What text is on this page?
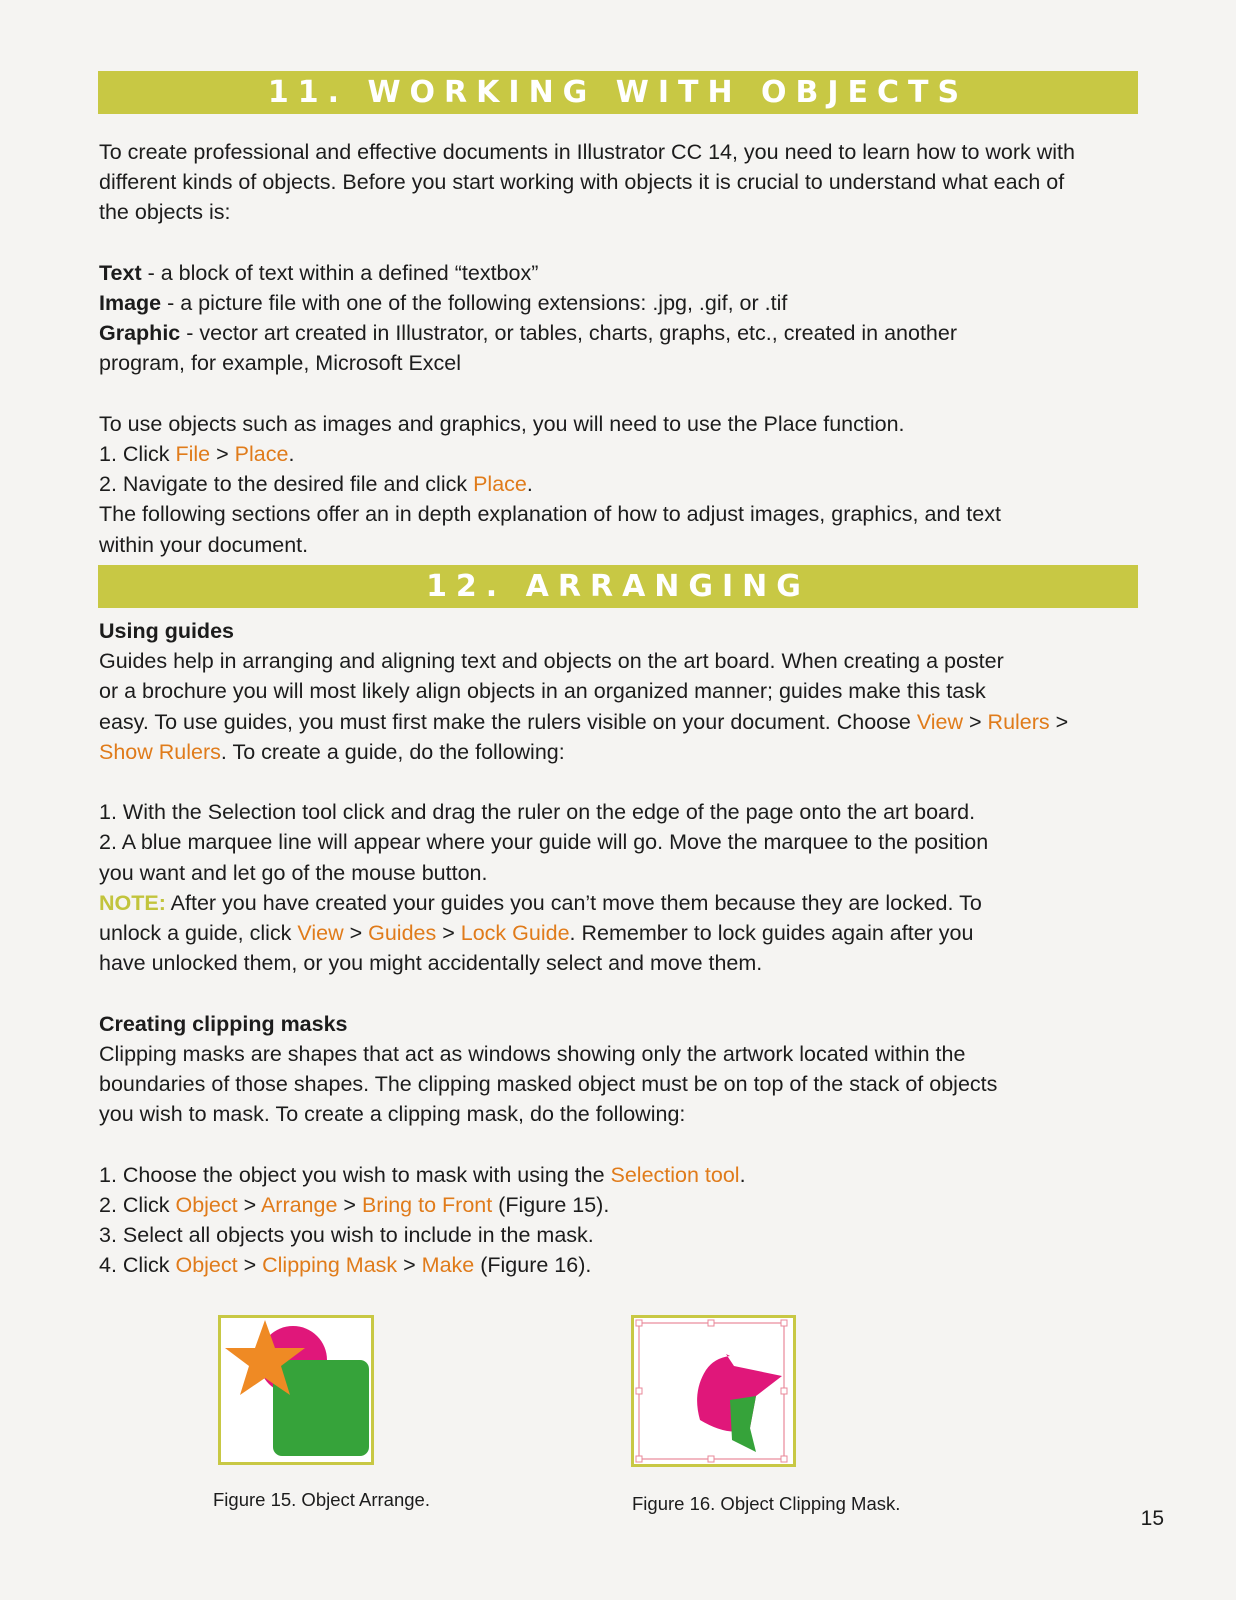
11. WORKING WITH OBJECTS

To create professional and effective documents in Illustrator CC 14, you need to learn how to work with

different kinds of objects. Before you start working with objects it is crucial to understand what each of

the objects is:

Text - a block of text within a defined “textbox”

Image - a picture file with one of the following extensions: .jpg, .gif, or .tif

Graphic - vector art created in Illustrator, or tables, charts, graphs, etc., created in another

program, for example, Microsoft Excel

To use objects such as images and graphics, you will need to use the Place function.

1. Click File > Place.

2. Navigate to the desired file and click Place.

The following sections offer an in depth explanation of how to adjust images, graphics, and text

within your document.

12. ARRANGING

Using guides

Guides help in arranging and aligning text and objects on the art board. When creating a poster

or a brochure you will most likely align objects in an organized manner; guides make this task

easy. To use guides, you must first make the rulers visible on your document. Choose View > Rulers >

Show Rulers. To create a guide, do the following:

1. With the Selection tool click and drag the ruler on the edge of the page onto the art board.

2. A blue marquee line will appear where your guide will go. Move the marquee to the position

you want and let go of the mouse button.

NOTE: After you have created your guides you can’t move them because they are locked. To

unlock a guide, click View > Guides > Lock Guide. Remember to lock guides again after you

have unlocked them, or you might accidentally select and move them.

Creating clipping masks

Clipping masks are shapes that act as windows showing only the artwork located within the

boundaries of those shapes. The clipping masked object must be on top of the stack of objects

you wish to mask. To create a clipping mask, do the following:

1. Choose the object you wish to mask with using the Selection tool.

2. Click Object > Arrange > Bring to Front (Figure 15).

3. Select all objects you wish to include in the mask.

4. Click Object > Clipping Mask > Make (Figure 16).

Figure 15. Object Arrange.	Figure 16. Object Clipping Mask.
15
